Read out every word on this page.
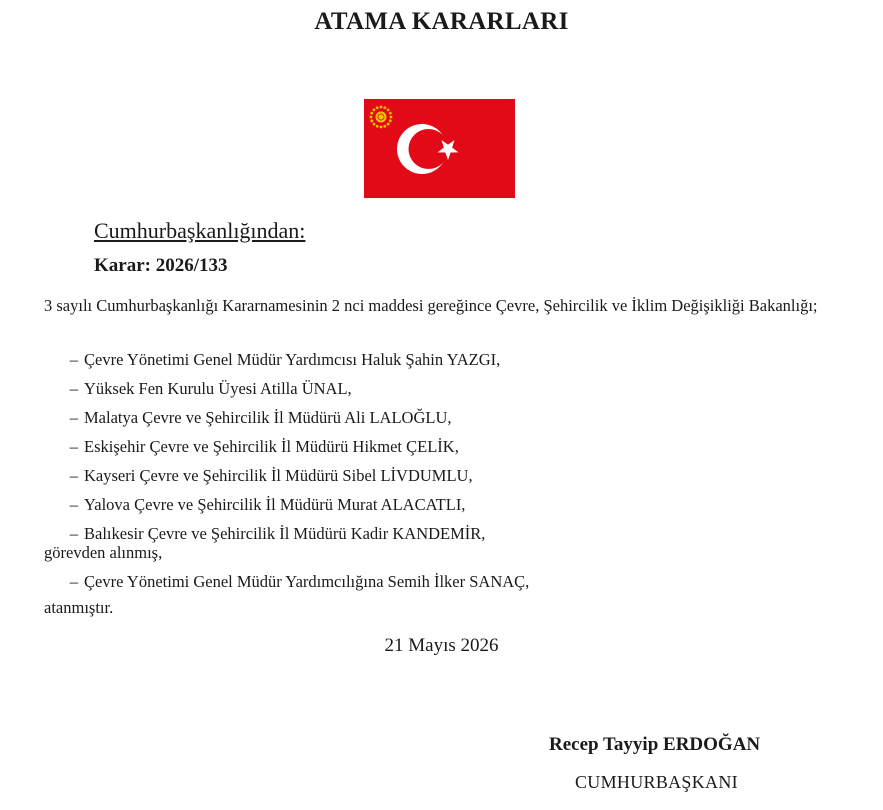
ATAMA KARARLARI
Cumhurbaşkanlığından:
Karar: 2026/133
3 sayılı Cumhurbaşkanlığı Kararnamesinin 2 nci maddesi gereğince Çevre, Şehircilik ve İklim Değişikliği Bakanlığı;
– Çevre Yönetimi Genel Müdür Yardımcısı Haluk Şahin YAZGI,
– Yüksek Fen Kurulu Üyesi Atilla ÜNAL,
– Malatya Çevre ve Şehircilik İl Müdürü Ali LALOĞLU,
– Eskişehir Çevre ve Şehircilik İl Müdürü Hikmet ÇELİK,
– Kayseri Çevre ve Şehircilik İl Müdürü Sibel LİVDUMLU,
– Yalova Çevre ve Şehircilik İl Müdürü Murat ALACATLI,
– Balıkesir Çevre ve Şehircilik İl Müdürü Kadir KANDEMİR,
görevden alınmış,
– Çevre Yönetimi Genel Müdür Yardımcılığına Semih İlker SANAÇ,
atanmıştır.
21 Mayıs 2026
Recep Tayyip ERDOĞAN
CUMHURBAŞKANI
